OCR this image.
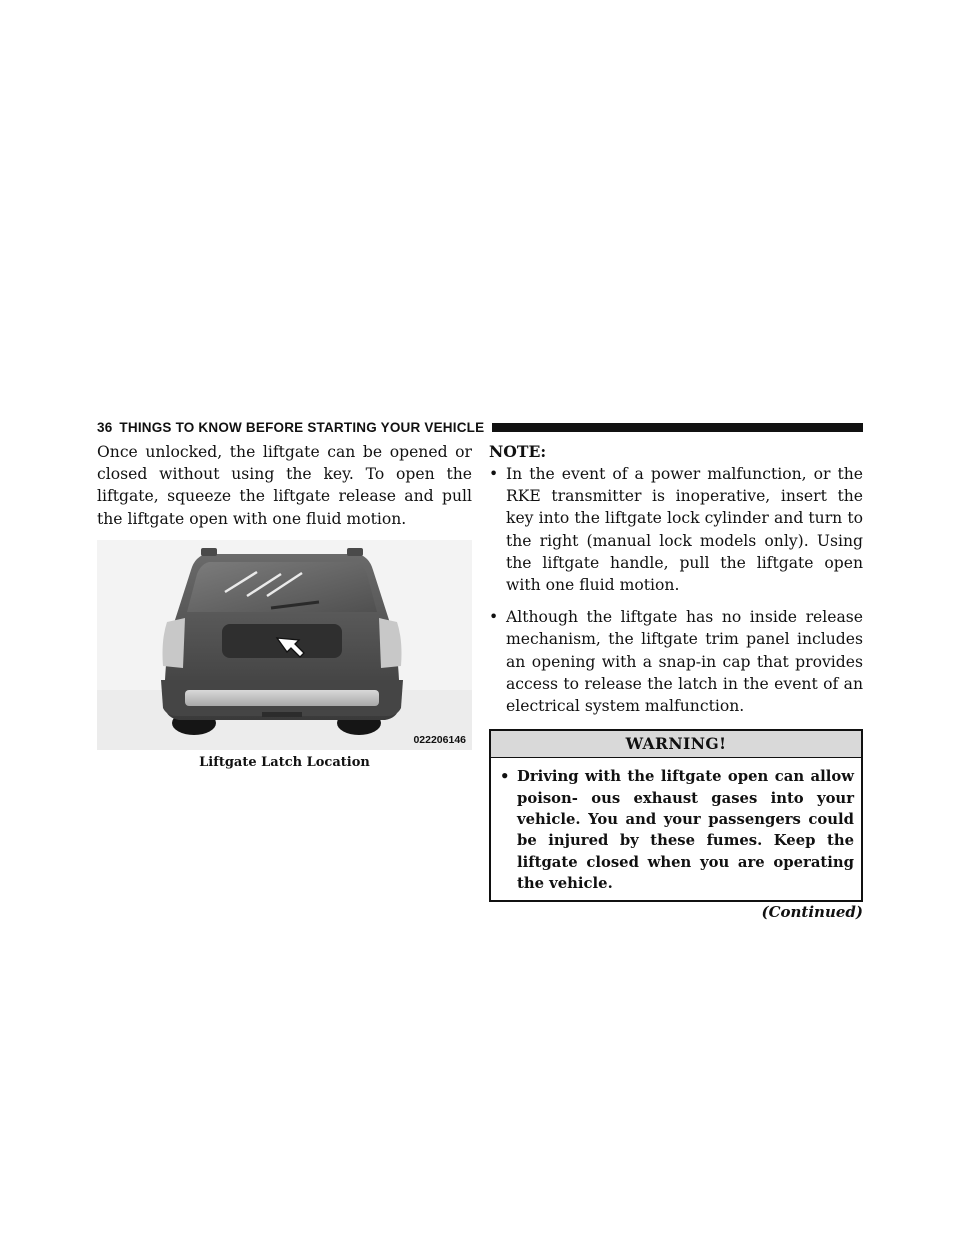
36 THINGS TO KNOW BEFORE STARTING YOUR VEHICLE

Once unlocked, the liftgate can be opened or closed without using the key. To open the liftgate, squeeze the liftgate release and pull the liftgate open with one fluid motion.

022206146
Liftgate Latch Location

NOTE:

• In the event of a power malfunction, or the RKE transmitter is inoperative, insert the key into the liftgate lock cylinder and turn to the right (manual lock models only). Using the liftgate handle, pull the liftgate open with one fluid motion.
• Although the liftgate has no inside release mechanism, the liftgate trim panel includes an opening with a snap-in cap that provides access to release the latch in the event of an electrical system malfunction.
WARNING!
• Driving with the liftgate open can allow poison- ous exhaust gases into your vehicle. You and your passengers could be injured by these fumes. Keep the liftgate closed when you are operating the vehicle.
(Continued)
